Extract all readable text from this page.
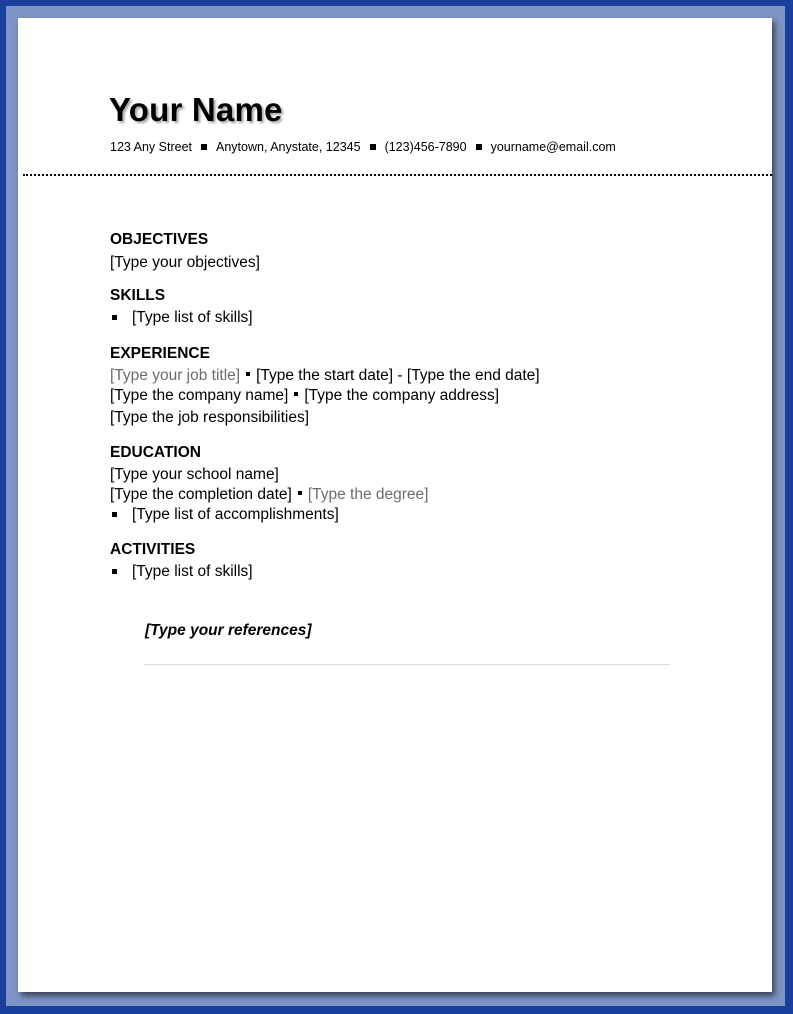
Your Name
123 Any Street Anytown, Anystate, 12345 (123)456-7890 yourname@email.com
OBJECTIVES
[Type your objectives]
SKILLS
[Type list of skills]
EXPERIENCE
[Type your job title] [Type the start date] - [Type the end date]
[Type the company name] [Type the company address]
[Type the job responsibilities]
EDUCATION
[Type your school name]
[Type the completion date] [Type the degree]
[Type list of accomplishments]
ACTIVITIES
[Type list of skills]
[Type your references]
